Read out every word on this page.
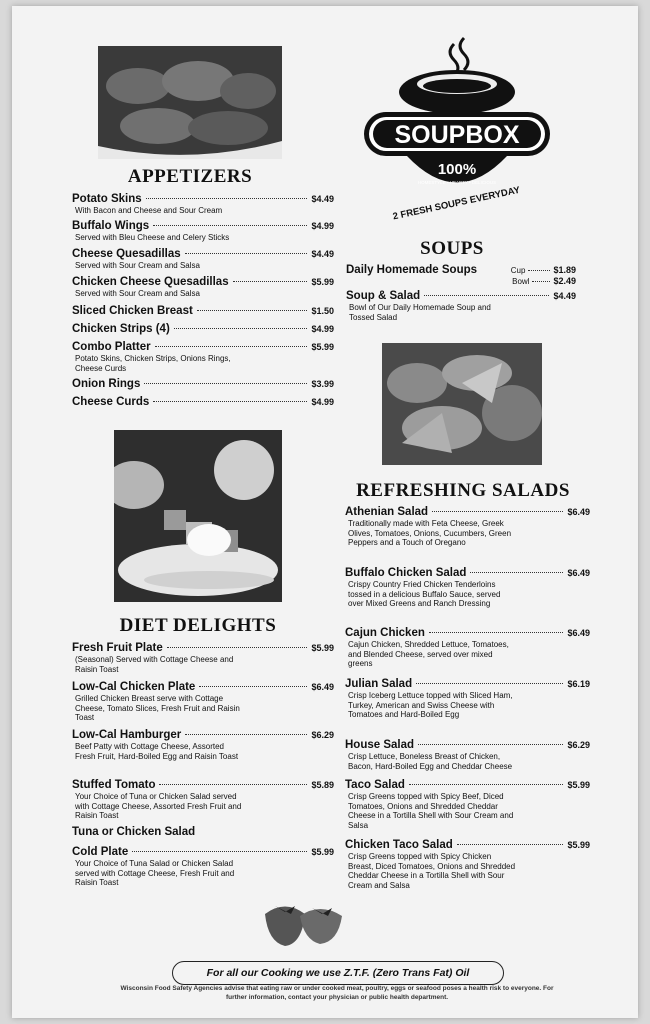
APPETIZERS
Potato Skins	$4.49
With Bacon and Cheese and Sour Cream
Buffalo Wings	$4.99
Served with Bleu Cheese and Celery Sticks
Cheese Quesadillas	$4.49
Served with Sour Cream and Salsa
Chicken Cheese Quesadillas	$5.99
Served with Sour Cream and Salsa
Sliced Chicken Breast	$1.50
Chicken Strips (4)	$4.99
Combo Platter	$5.99
Potato Skins, Chicken Strips, Onions Rings, Cheese Curds
Onion Rings	$3.99
Cheese Curds	$4.99
DIET DELIGHTS
Fresh Fruit Plate	$5.99
(Seasonal) Served with Cottage Cheese and Raisin Toast
Low-Cal Chicken Plate	$6.49
Grilled Chicken Breast serve with Cottage Cheese, Tomato Slices, Fresh Fruit and Raisin Toast
Low-Cal Hamburger	$6.29
Beef Patty with Cottage Cheese, Assorted Fresh Fruit, Hard-Boiled Egg and Raisin Toast
Stuffed Tomato	$5.89
Your Choice of Tuna or Chicken Salad served with Cottage Cheese, Assorted Fresh Fruit and Raisin Toast
Tuna or Chicken Salad
Cold Plate	$5.99
Your Choice of Tuna Salad or Chicken Salad served with Cottage Cheese, Fresh Fruit and Raisin Toast
SOUPBOX
100%
HOMESTYLE • HEARTY • DELICIOUS
2 FRESH SOUPS EVERYDAY
SOUPS
Daily Homemade Soups	Cup	$1.89
Bowl	$2.49
Soup & Salad	$4.49
Bowl of Our Daily Homemade Soup and Tossed Salad
REFRESHING SALADS
Athenian Salad	$6.49
Traditionally made with Feta Cheese, Greek Olives, Tomatoes, Onions, Cucumbers, Green Peppers and a Touch of Oregano
Buffalo Chicken Salad	$6.49
Crispy Country Fried Chicken Tenderloins tossed in a delicious Buffalo Sauce, served over Mixed Greens and Ranch Dressing
Cajun Chicken	$6.49
Cajun Chicken, Shredded Lettuce, Tomatoes, and Blended Cheese, served over mixed greens
Julian Salad	$6.19
Crisp Iceberg Lettuce topped with Sliced Ham, Turkey, American and Swiss Cheese with Tomatoes and Hard-Boiled Egg
House Salad	$6.29
Crisp Lettuce, Boneless Breast of Chicken, Bacon, Hard-Boiled Egg and Cheddar Cheese
Taco Salad	$5.99
Crisp Greens topped with Spicy Beef, Diced Tomatoes, Onions and Shredded Cheddar Cheese in a Tortilla Shell with Sour Cream and Salsa
Chicken Taco Salad	$5.99
Crisp Greens topped with Spicy Chicken Breast, Diced Tomatoes, Onions and Shredded Cheddar Cheese in a Tortilla Shell with Sour Cream and Salsa
For all our Cooking we use Z.T.F. (Zero Trans Fat) Oil
Wisconsin Food Safety Agencies advise that eating raw or under cooked meat, poultry, eggs or seafood poses a health risk to everyone. For further information, contact your physician or public health department.
